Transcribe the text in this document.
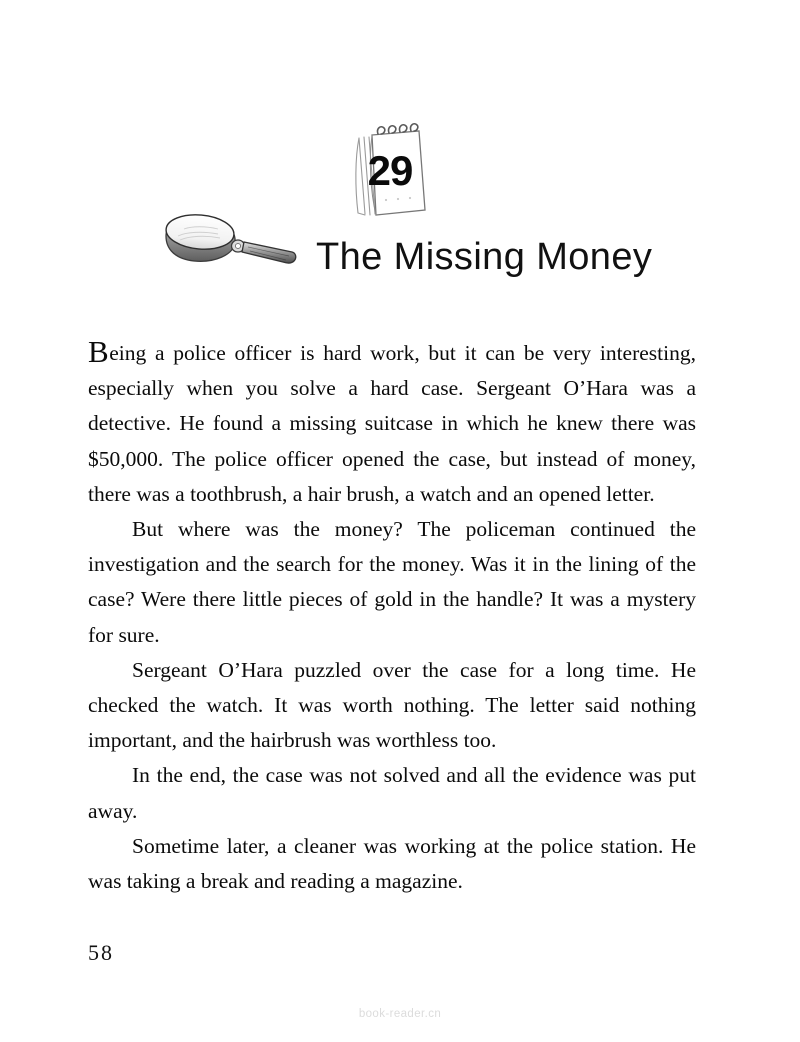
29
The Missing Money

Being a police officer is hard work, but it can be very interesting, especially when you solve a hard case. Sergeant O’Hara was a detective. He found a missing suitcase in which he knew there was $50,000. The police officer opened the case, but instead of money, there was a toothbrush, a hair brush, a watch and an opened letter.

But where was the money? The policeman continued the investigation and the search for the money. Was it in the lining of the case? Were there little pieces of gold in the handle? It was a mystery for sure.

Sergeant O’Hara puzzled over the case for a long time. He checked the watch. It was worth nothing. The letter said nothing important, and the hairbrush was worthless too.

In the end, the case was not solved and all the evidence was put away.

Sometime later, a cleaner was working at the police station. He was taking a break and reading a magazine.

58
book-reader.cn
